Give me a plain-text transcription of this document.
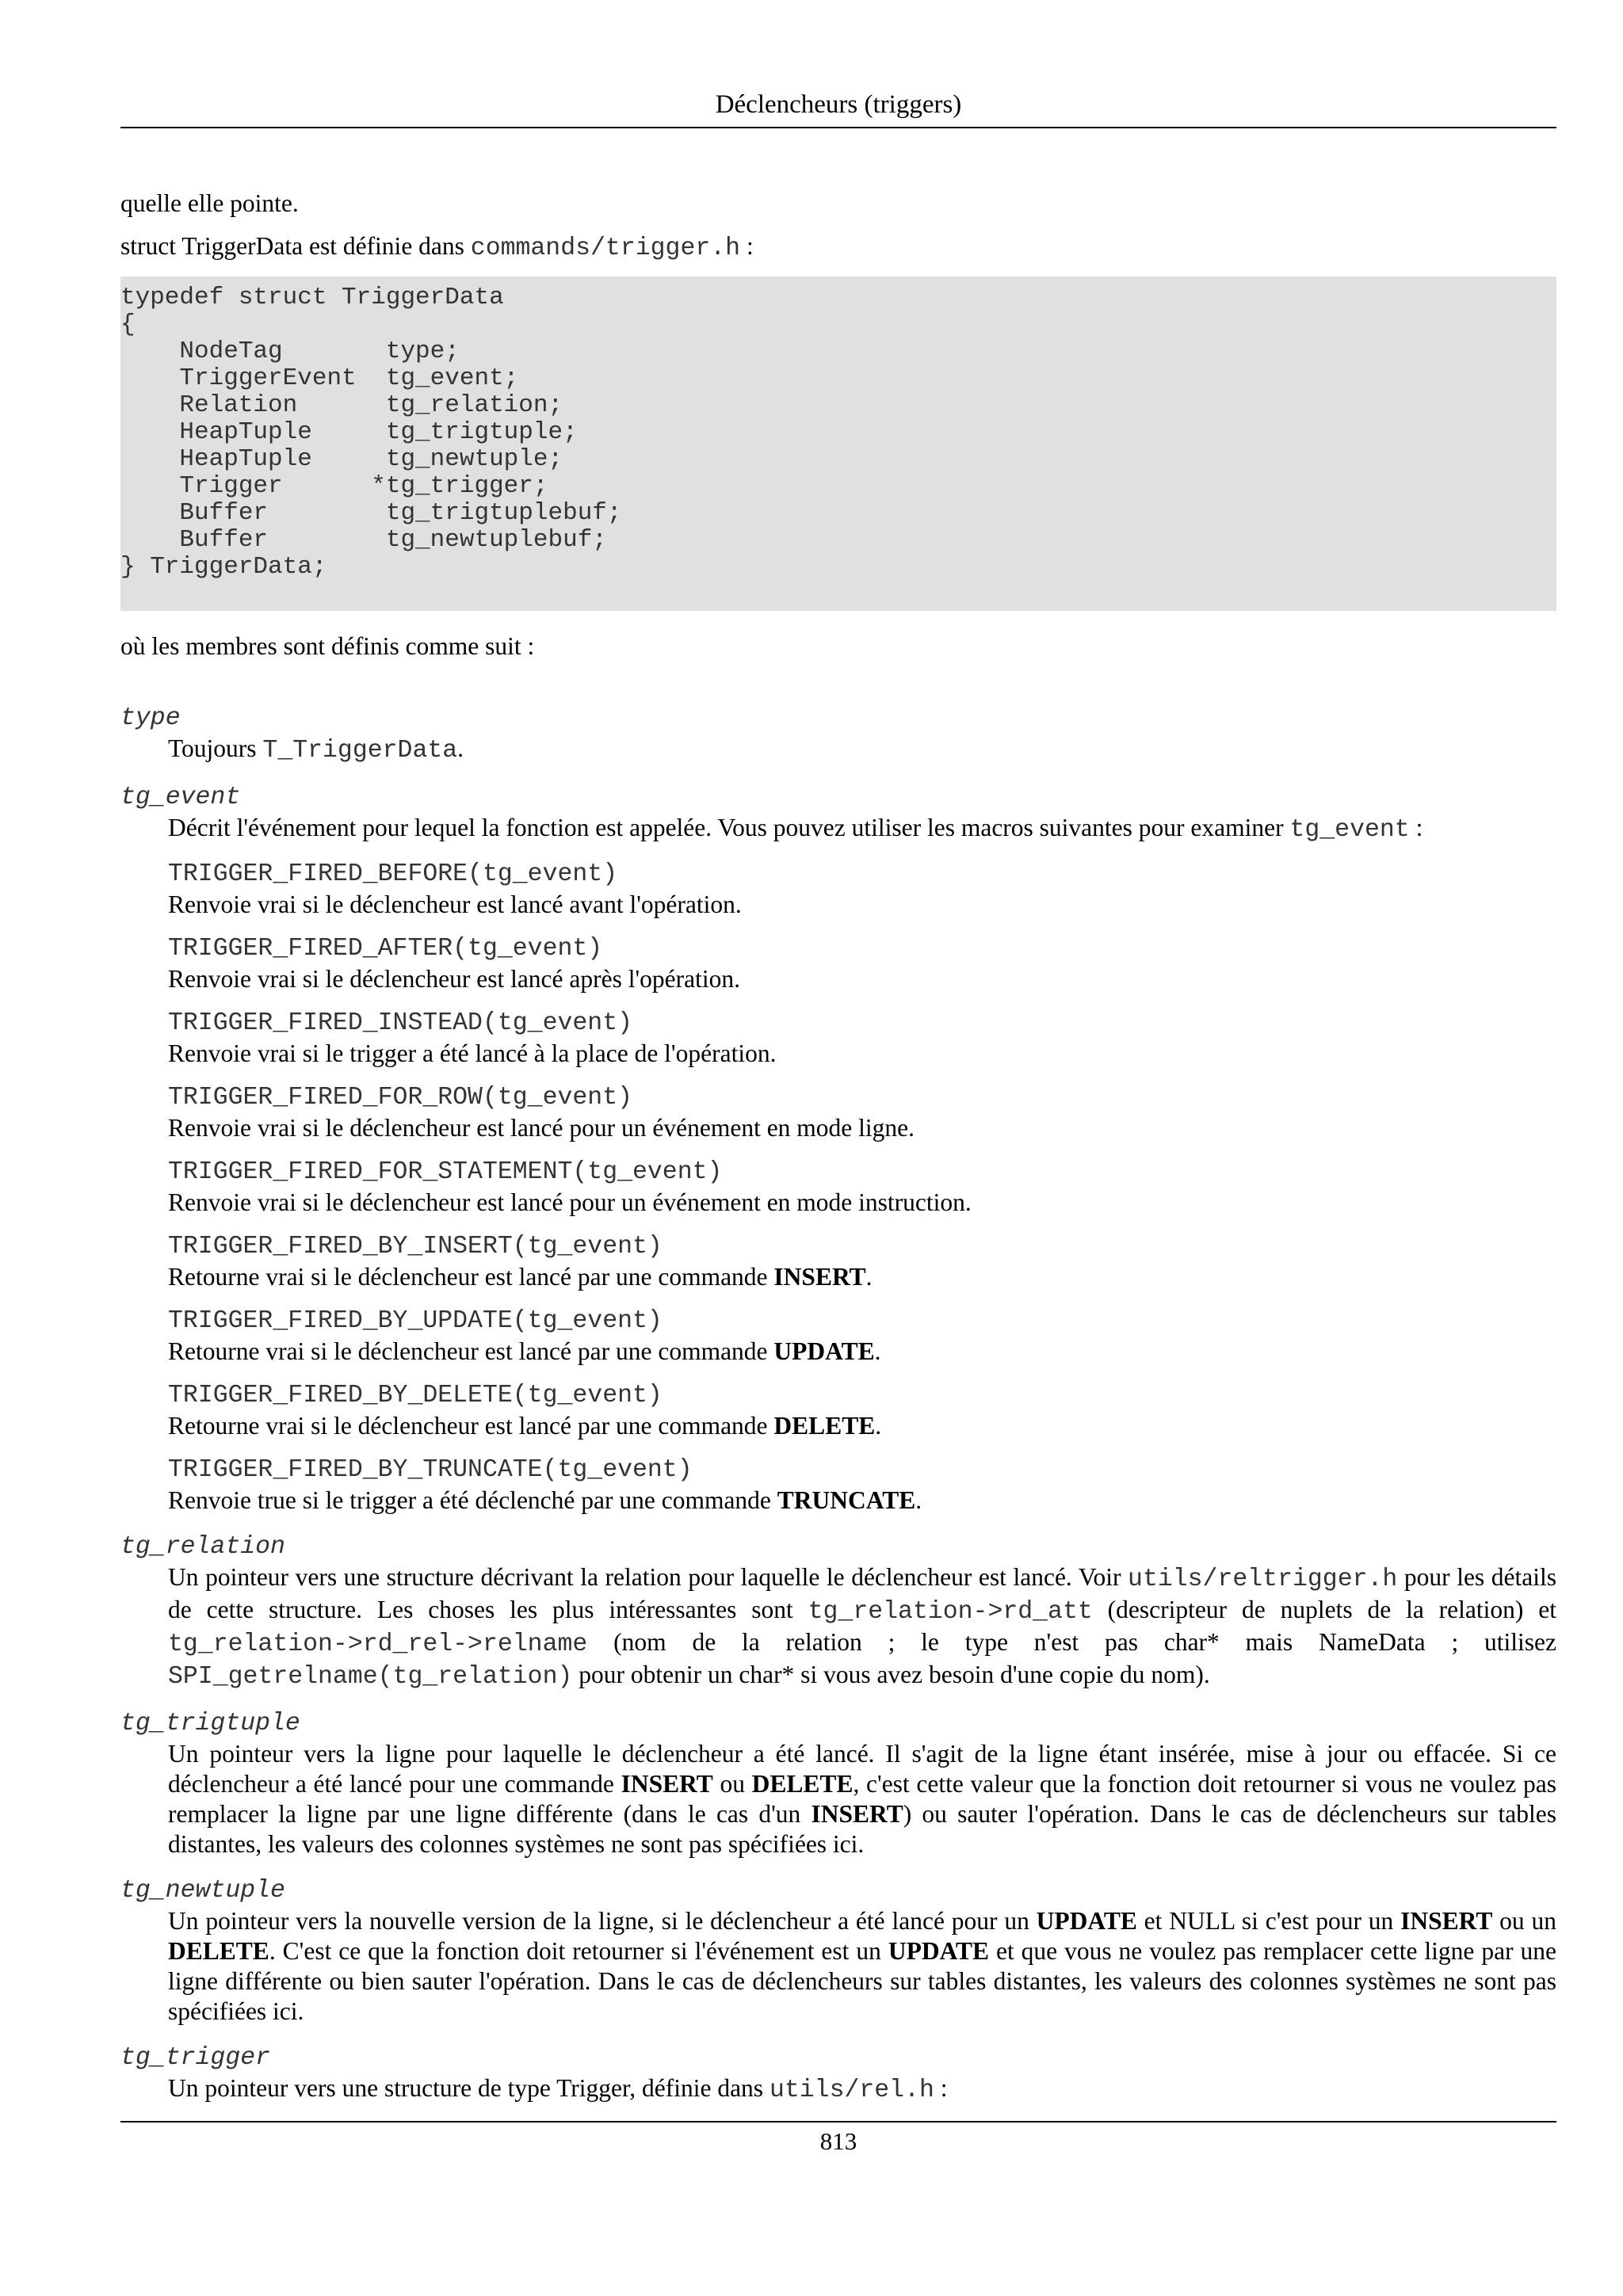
Déclencheurs (triggers)

quelle elle pointe.

struct TriggerData est définie dans commands/trigger.h :

typedef struct TriggerData
{
NodeTag       type;
TriggerEvent  tg_event;
Relation      tg_relation;
HeapTuple     tg_trigtuple;
HeapTuple     tg_newtuple;
Trigger      *tg_trigger;
Buffer        tg_trigtuplebuf;
Buffer        tg_newtuplebuf;
} TriggerData;

où les membres sont définis comme suit :

type
Toujours T_TriggerData.
tg_event
Décrit l'événement pour lequel la fonction est appelée. Vous pouvez utiliser les macros suivantes pour examiner tg_event :
TRIGGER_FIRED_BEFORE(tg_event)
Renvoie vrai si le déclencheur est lancé avant l'opération.
TRIGGER_FIRED_AFTER(tg_event)
Renvoie vrai si le déclencheur est lancé après l'opération.
TRIGGER_FIRED_INSTEAD(tg_event)
Renvoie vrai si le trigger a été lancé à la place de l'opération.
TRIGGER_FIRED_FOR_ROW(tg_event)
Renvoie vrai si le déclencheur est lancé pour un événement en mode ligne.
TRIGGER_FIRED_FOR_STATEMENT(tg_event)
Renvoie vrai si le déclencheur est lancé pour un événement en mode instruction.
TRIGGER_FIRED_BY_INSERT(tg_event)
Retourne vrai si le déclencheur est lancé par une commande INSERT.
TRIGGER_FIRED_BY_UPDATE(tg_event)
Retourne vrai si le déclencheur est lancé par une commande UPDATE.
TRIGGER_FIRED_BY_DELETE(tg_event)
Retourne vrai si le déclencheur est lancé par une commande DELETE.
TRIGGER_FIRED_BY_TRUNCATE(tg_event)
Renvoie true si le trigger a été déclenché par une commande TRUNCATE.
tg_relation
Un pointeur vers une structure décrivant la relation pour laquelle le déclencheur est lancé. Voir utils/reltrigger.h pour les détails de cette structure. Les choses les plus intéressantes sont tg_relation->rd_att (descripteur de nuplets de la relation) et tg_relation->rd_rel->relname (nom de la relation ; le type n'est pas char* mais NameData ; utilisez SPI_getrelname(tg_relation) pour obtenir un char* si vous avez besoin d'une copie du nom).
tg_trigtuple
Un pointeur vers la ligne pour laquelle le déclencheur a été lancé. Il s'agit de la ligne étant insérée, mise à jour ou effacée. Si ce déclencheur a été lancé pour une commande INSERT ou DELETE, c'est cette valeur que la fonction doit retourner si vous ne voulez pas remplacer la ligne par une ligne différente (dans le cas d'un INSERT) ou sauter l'opération. Dans le cas de déclencheurs sur tables distantes, les valeurs des colonnes systèmes ne sont pas spécifiées ici.
tg_newtuple
Un pointeur vers la nouvelle version de la ligne, si le déclencheur a été lancé pour un UPDATE et NULL si c'est pour un INSERT ou un DELETE. C'est ce que la fonction doit retourner si l'événement est un UPDATE et que vous ne voulez pas remplacer cette ligne par une ligne différente ou bien sauter l'opération. Dans le cas de déclencheurs sur tables distantes, les valeurs des colonnes systèmes ne sont pas spécifiées ici.
tg_trigger
Un pointeur vers une structure de type Trigger, définie dans utils/rel.h :
813
